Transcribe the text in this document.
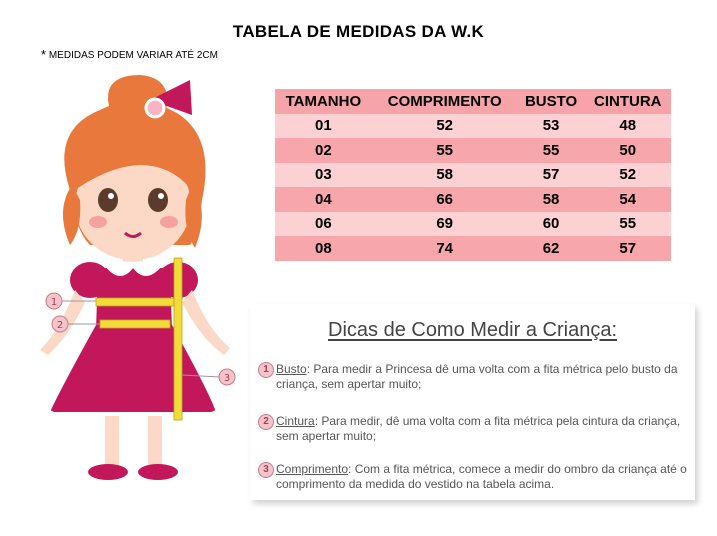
TABELA DE MEDIDAS DA W.K
* MEDIDAS PODEM VARIAR ATÉ 2CM
TAMANHO	COMPRIMENTO	BUSTO	CINTURA
01	52	53	48
02	55	55	50
03	58	57	52
04	66	58	54
06	69	60	55
08	74	62	57
1
2
3
Dicas de Como Medir a Criança:
1 Busto: Para medir a Princesa dê uma volta com a fita métrica pelo busto da criança, sem apertar muito;
2 Cintura: Para medir, dê uma volta com a fita métrica pela cintura da criança, sem apertar muito;
3 Comprimento: Com a fita métrica, comece a medir do ombro da criança até o comprimento da medida do vestido na tabela acima.
